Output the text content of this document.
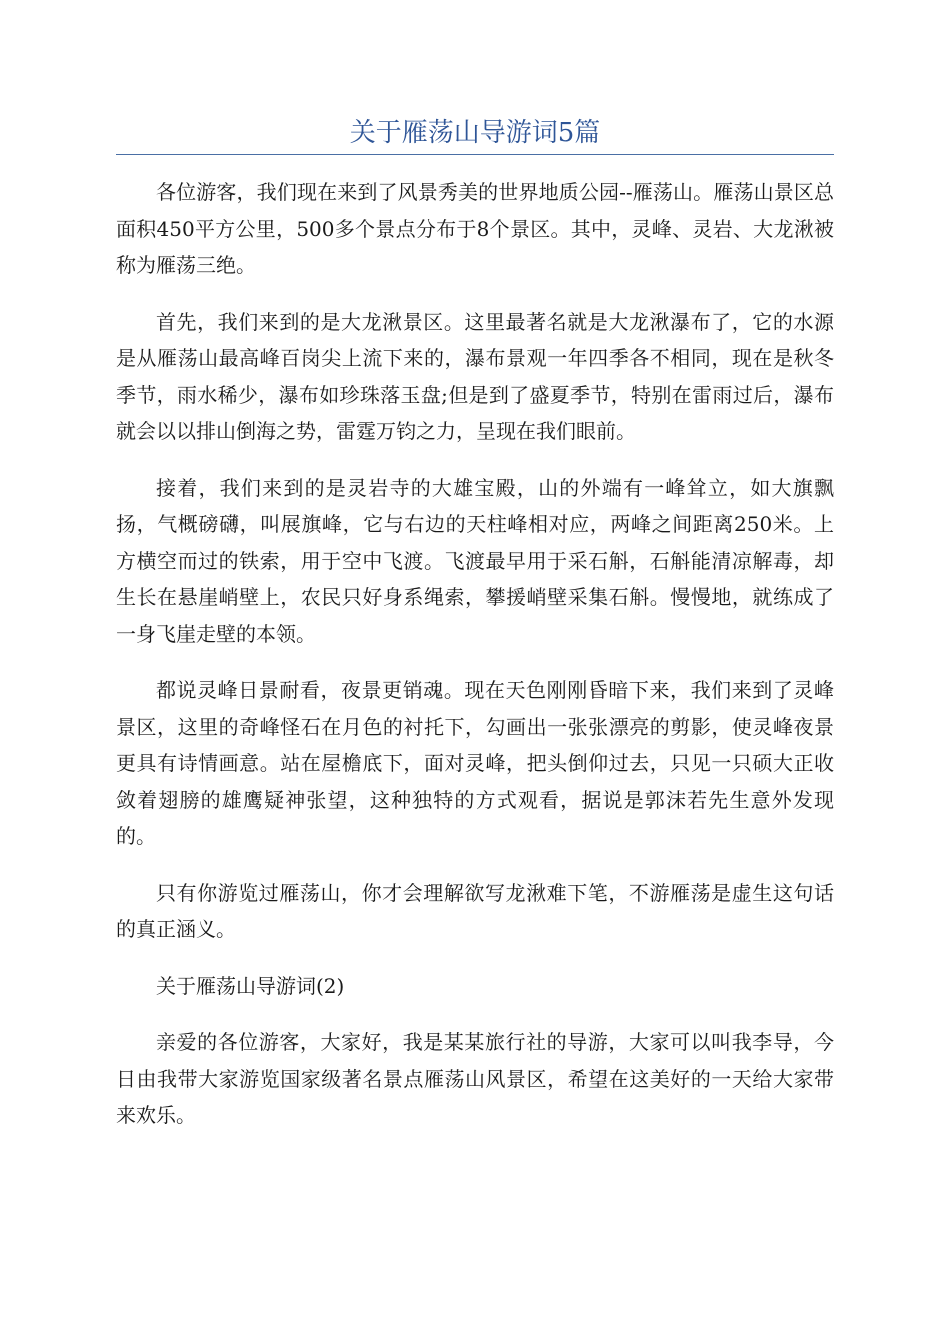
关于雁荡山导游词5篇

各位游客，我们现在来到了风景秀美的世界地质公园--雁荡山。雁荡山景区总面积450平方公里，500多个景点分布于8个景区。其中，灵峰、灵岩、大龙湫被称为雁荡三绝。

首先，我们来到的是大龙湫景区。这里最著名就是大龙湫瀑布了，它的水源是从雁荡山最高峰百岗尖上流下来的，瀑布景观一年四季各不相同，现在是秋冬季节，雨水稀少，瀑布如珍珠落玉盘;但是到了盛夏季节，特别在雷雨过后，瀑布就会以以排山倒海之势，雷霆万钧之力，呈现在我们眼前。

接着，我们来到的是灵岩寺的大雄宝殿，山的外端有一峰耸立，如大旗飘扬，气概磅礴，叫展旗峰，它与右边的天柱峰相对应，两峰之间距离250米。上方横空而过的铁索，用于空中飞渡。飞渡最早用于采石斛，石斛能清凉解毒，却生长在悬崖峭壁上，农民只好身系绳索，攀援峭壁采集石斛。慢慢地，就练成了一身飞崖走壁的本领。

都说灵峰日景耐看，夜景更销魂。现在天色刚刚昏暗下来，我们来到了灵峰景区，这里的奇峰怪石在月色的衬托下，勾画出一张张漂亮的剪影，使灵峰夜景更具有诗情画意。站在屋檐底下，面对灵峰，把头倒仰过去，只见一只硕大正收敛着翅膀的雄鹰疑神张望，这种独特的方式观看，据说是郭沫若先生意外发现的。

只有你游览过雁荡山，你才会理解欲写龙湫难下笔，不游雁荡是虚生这句话的真正涵义。

关于雁荡山导游词(2)

亲爱的各位游客，大家好，我是某某旅行社的导游，大家可以叫我李导，今日由我带大家游览国家级著名景点雁荡山风景区，希望在这美好的一天给大家带来欢乐。
